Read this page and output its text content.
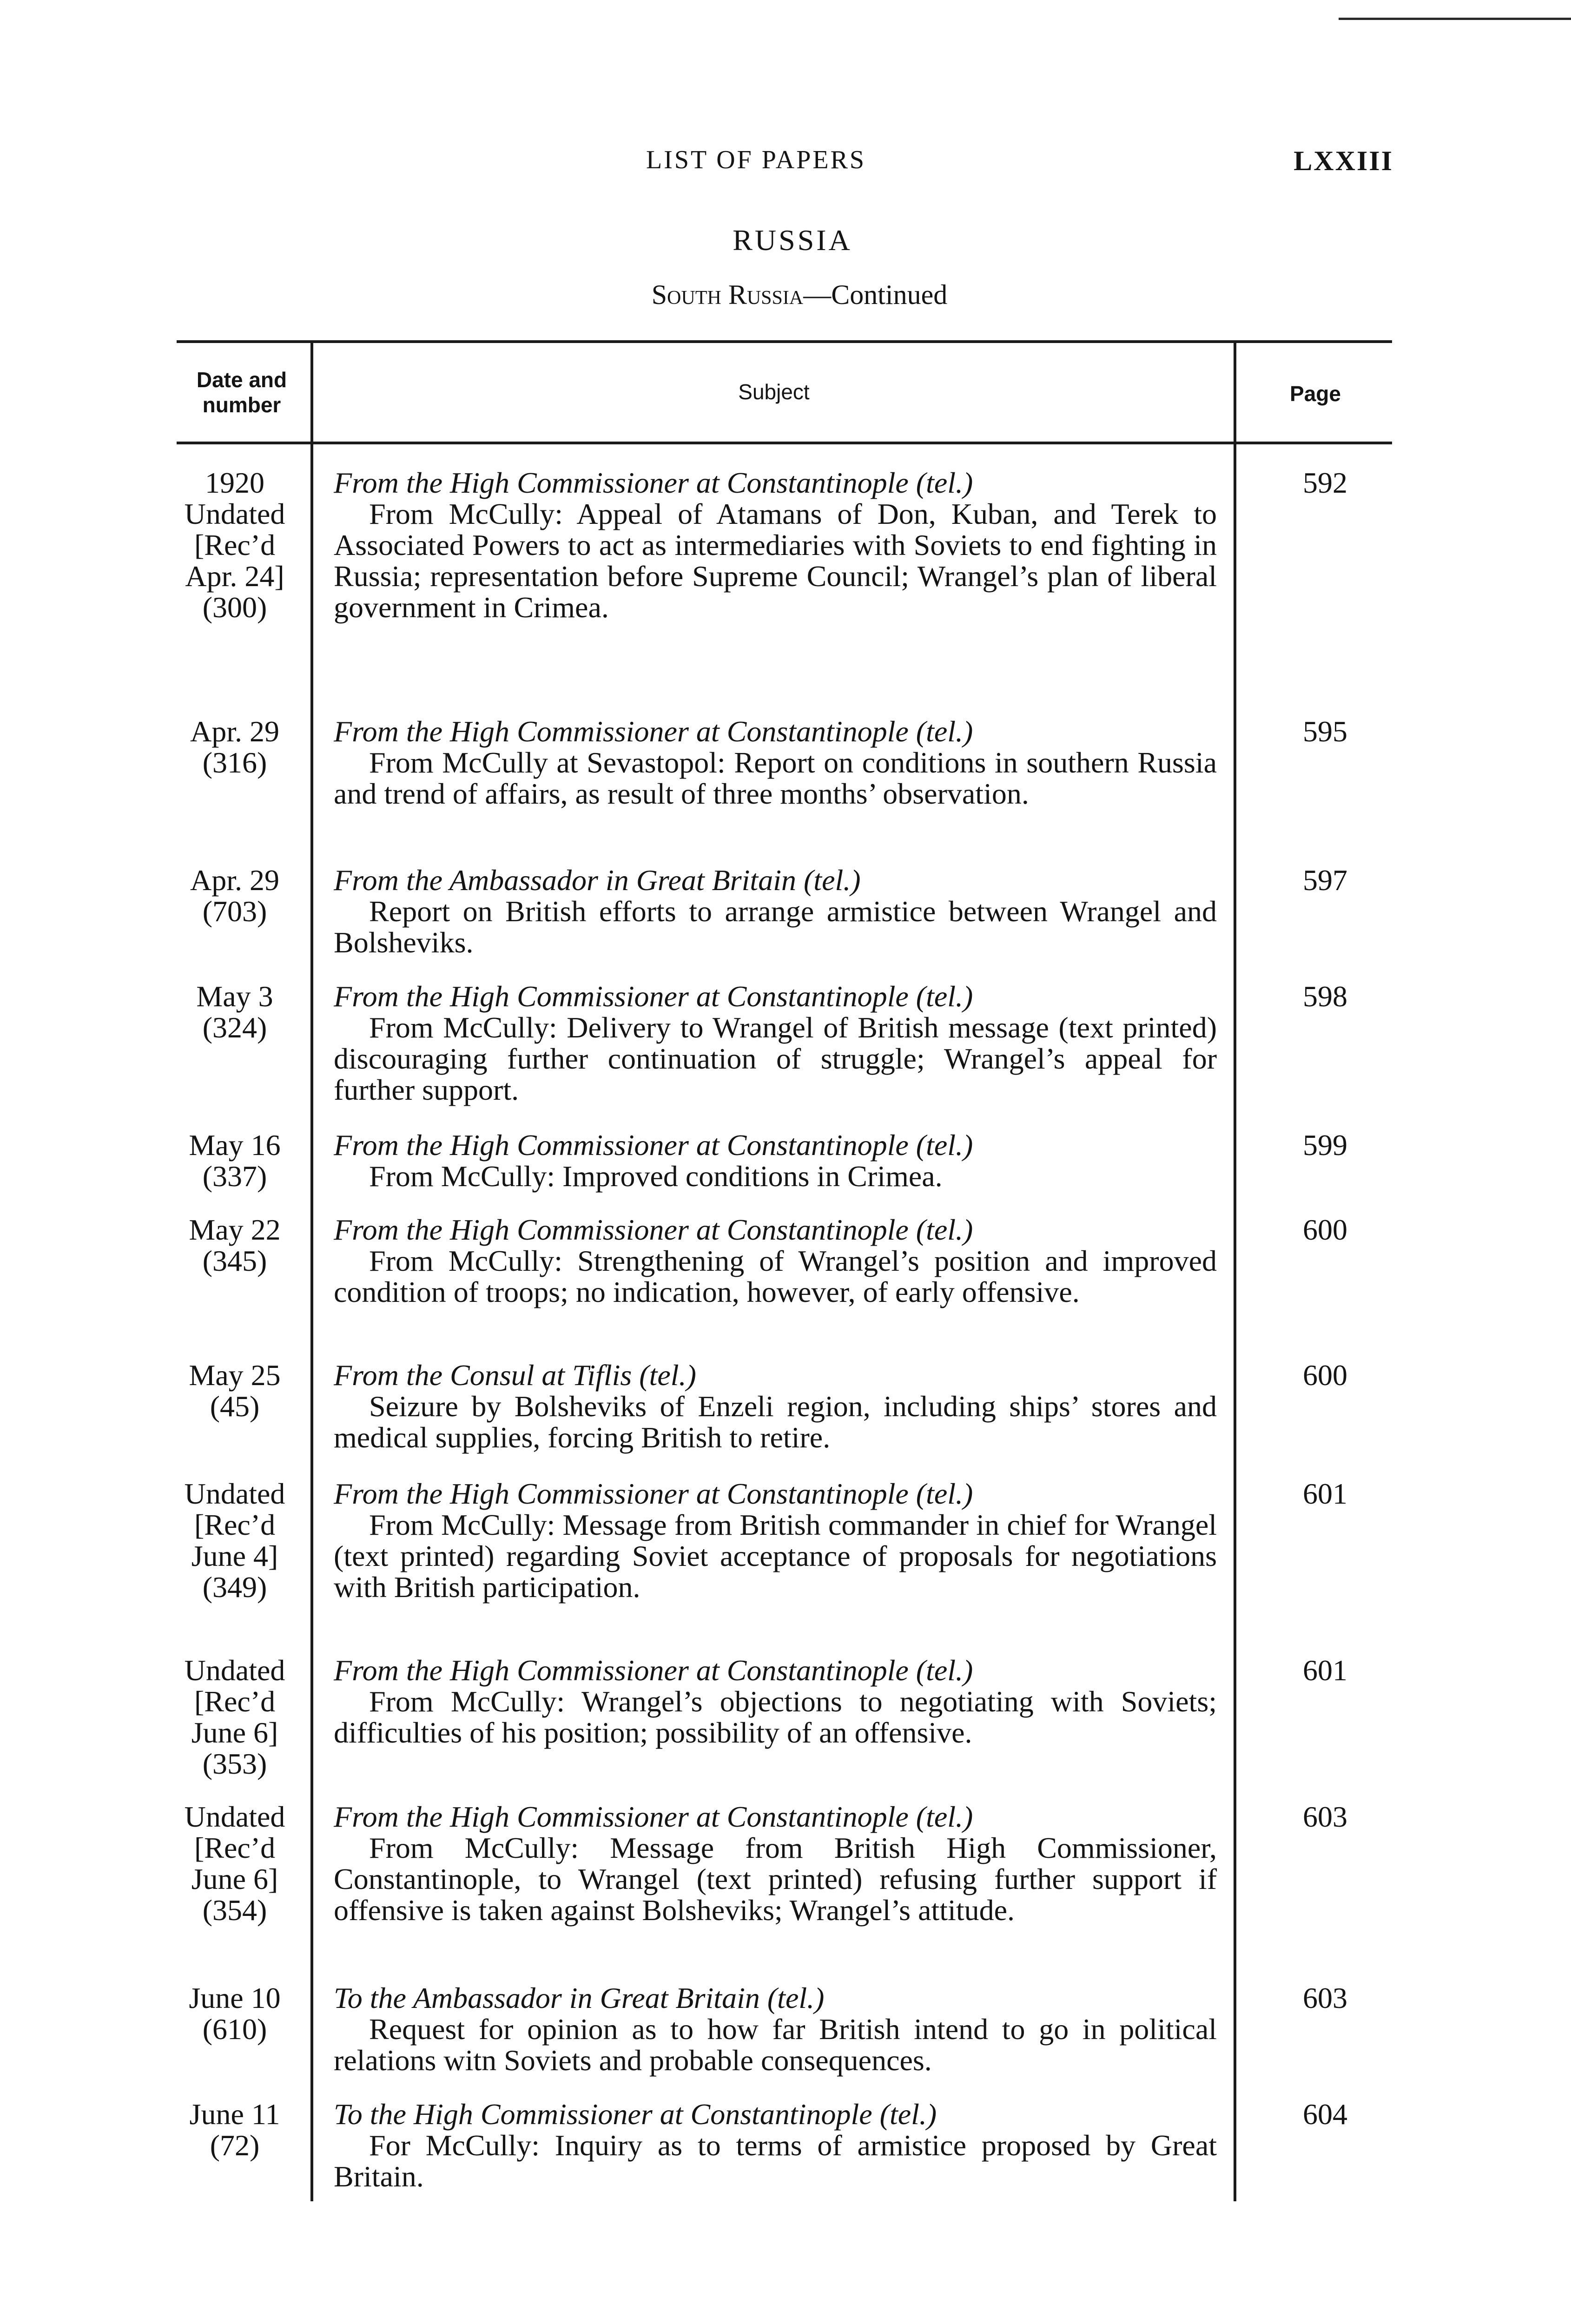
LIST OF PAPERS	LXXIII
RUSSIA
South Russia—Continued
Date and
number
Subject	Page
1920
Undated
[Rec’d
Apr. 24]
(300)
From the High Commissioner at Constantinople (tel.)
From McCully: Appeal of Atamans of Don, Kuban, and Terek to Associated Powers to act as intermediaries with Soviets to end fighting in Russia; representation before Supreme Council; Wrangel’s plan of liberal government in Crimea.
592
Apr. 29
(316)
From the High Commissioner at Constantinople (tel.)
From McCully at Sevastopol: Report on conditions in southern Russia and trend of affairs, as result of three months’ observation.
595
Apr. 29
(703)
From the Ambassador in Great Britain (tel.)
Report on British efforts to arrange armistice between Wrangel and Bolsheviks.
597
May 3
(324)
From the High Commissioner at Constantinople (tel.)
From McCully: Delivery to Wrangel of British message (text printed) discouraging further continuation of struggle; Wrangel’s appeal for further support.
598
May 16
(337)
From the High Commissioner at Constantinople (tel.)
From McCully: Improved conditions in Crimea.
599
May 22
(345)
From the High Commissioner at Constantinople (tel.)
From McCully: Strengthening of Wrangel’s position and improved condition of troops; no indication, however, of early offensive.
600
May 25
(45)
From the Consul at Tiflis (tel.)
Seizure by Bolsheviks of Enzeli region, including ships’ stores and medical supplies, forcing British to retire.
600
Undated
[Rec’d
June 4]
(349)
From the High Commissioner at Constantinople (tel.)
From McCully: Message from British commander in chief for Wrangel (text printed) regarding Soviet acceptance of proposals for negotiations with British participation.
601
Undated
[Rec’d
June 6]
(353)
From the High Commissioner at Constantinople (tel.)
From McCully: Wrangel’s objections to negotiating with Soviets; difficulties of his position; possibility of an offensive.
601
Undated
[Rec’d
June 6]
(354)
From the High Commissioner at Constantinople (tel.)
From McCully: Message from British High Commissioner, Constantinople, to Wrangel (text printed) refusing further support if offensive is taken against Bolsheviks; Wrangel’s attitude.
603
June 10
(610)
To the Ambassador in Great Britain (tel.)
Request for opinion as to how far British intend to go in political relations witn Soviets and probable consequences.
603
June 11
(72)
To the High Commissioner at Constantinople (tel.)
For McCully: Inquiry as to terms of armistice proposed by Great Britain.
604
